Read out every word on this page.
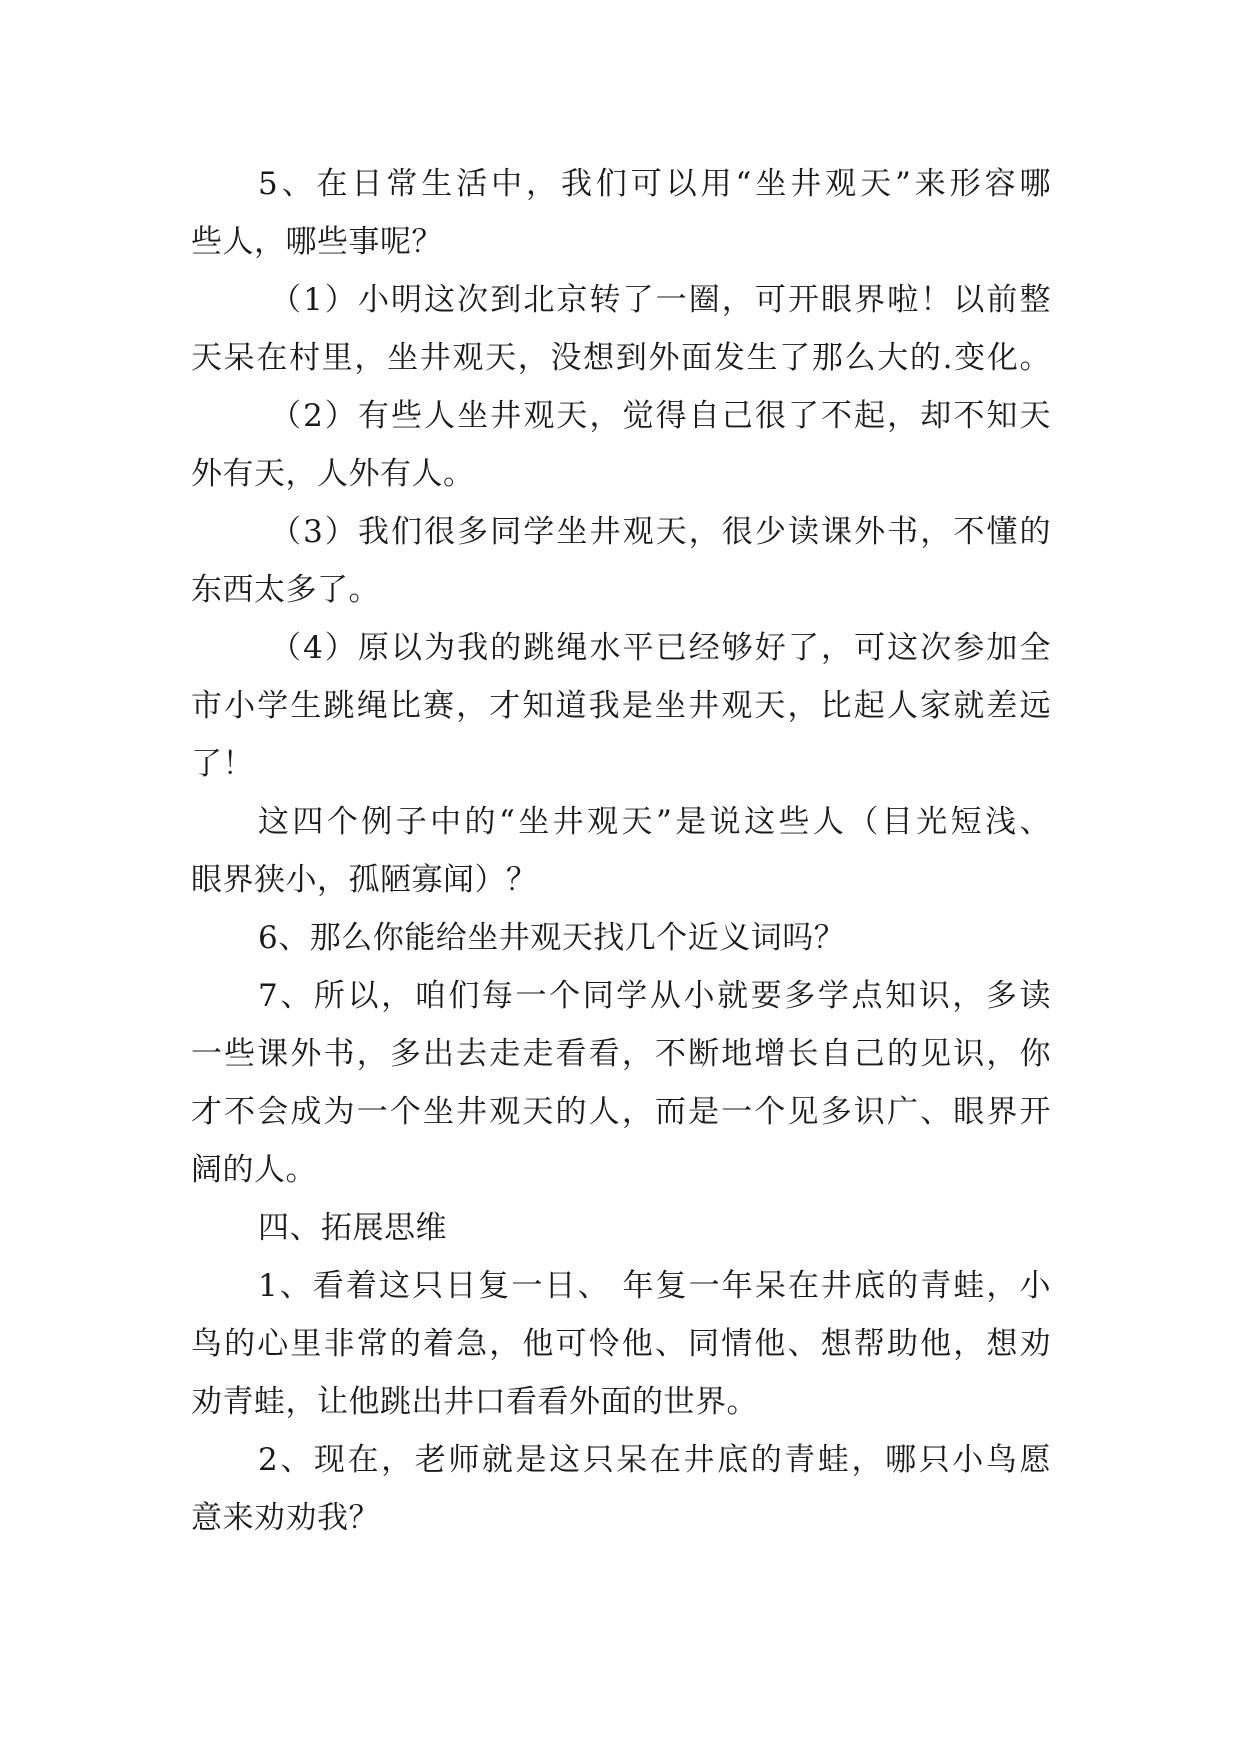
5、在日常生活中，我们可以用“坐井观天”来形容哪
些人，哪些事呢？
（1）小明这次到北京转了一圈，可开眼界啦！以前整
天呆在村里，坐井观天，没想到外面发生了那么大的.变化。
（2）有些人坐井观天，觉得自己很了不起，却不知天
外有天，人外有人。
（3）我们很多同学坐井观天，很少读课外书，不懂的
东西太多了。
（4）原以为我的跳绳水平已经够好了，可这次参加全
市小学生跳绳比赛，才知道我是坐井观天，比起人家就差远
了！
这四个例子中的“坐井观天”是说这些人（目光短浅、
眼界狭小，孤陋寡闻）？
6、那么你能给坐井观天找几个近义词吗？
7、所以，咱们每一个同学从小就要多学点知识，多读
一些课外书，多出去走走看看，不断地增长自己的见识，你
才不会成为一个坐井观天的人，而是一个见多识广、眼界开
阔的人。
四、拓展思维
1、看着这只日复一日、 年复一年呆在井底的青蛙，小
鸟的心里非常的着急，他可怜他、同情他、想帮助他，想劝
劝青蛙，让他跳出井口看看外面的世界。
2、现在，老师就是这只呆在井底的青蛙，哪只小鸟愿
意来劝劝我？
